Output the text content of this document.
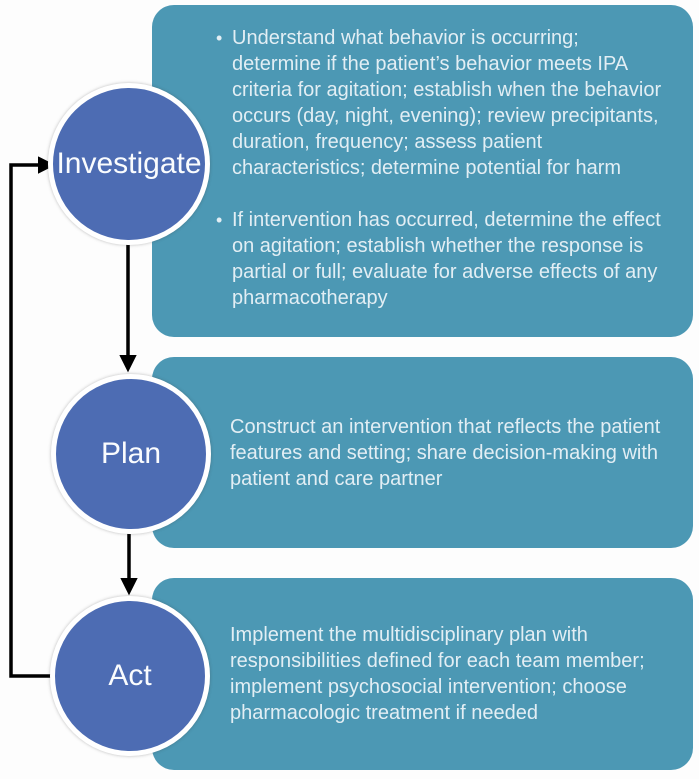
• Understand what behavior is occurring; determine if the patient’s behavior meets IPA criteria for agitation; establish when the behavior occurs (day, night, evening); review precipitants, duration, frequency; assess patient characteristics; determine potential for harm
• If intervention has occurred, determine the effect on agitation; establish whether the response is partial or full; evaluate for adverse effects of any pharmacotherapy
Construct an intervention that reflects the patient features and setting; share decision-making with patient and care partner
Implement the multidisciplinary plan with responsibilities defined for each team member; implement psychosocial intervention; choose pharmacologic treatment if needed
Investigate
Plan
Act
